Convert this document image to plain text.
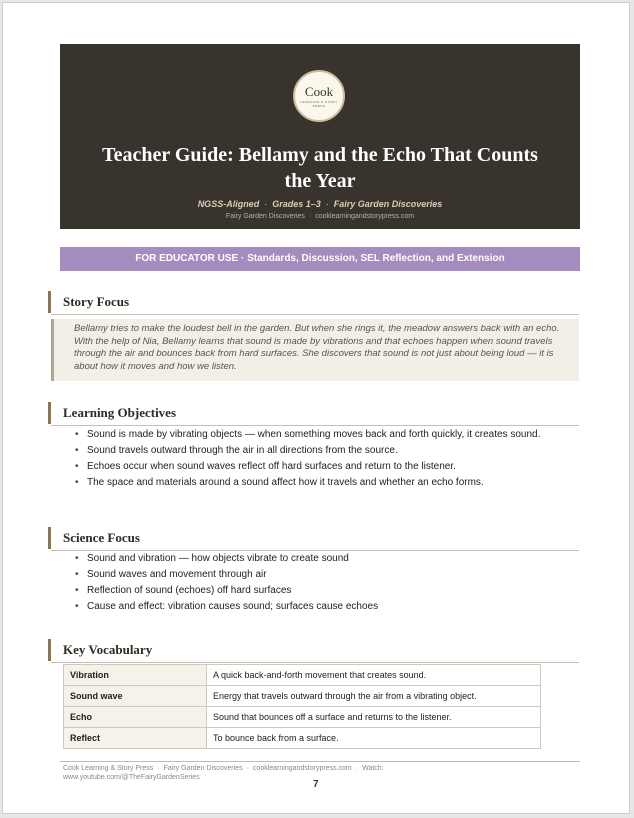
Cook
LEARNING & STORY PRESS
Teacher Guide: Bellamy and the Echo That Counts
the Year
NGSS-Aligned · Grades 1–3 · Fairy Garden Discoveries
Fairy Garden Discoveries · cooklearningandstorypress.com
FOR EDUCATOR USE · Standards, Discussion, SEL Reflection, and Extension
Story Focus
Bellamy tries to make the loudest bell in the garden. But when she rings it, the meadow answers back with an echo. With the help of Nia, Bellamy learns that sound is made by vibrations and that echoes happen when sound travels through the air and bounces back from hard surfaces. She discovers that sound is not just about being loud — it is about how it moves and how we listen.
Learning Objectives
• Sound is made by vibrating objects — when something moves back and forth quickly, it creates sound.
• Sound travels outward through the air in all directions from the source.
• Echoes occur when sound waves reflect off hard surfaces and return to the listener.
• The space and materials around a sound affect how it travels and whether an echo forms.
Science Focus
• Sound and vibration — how objects vibrate to create sound
• Sound waves and movement through air
• Reflection of sound (echoes) off hard surfaces
• Cause and effect: vibration causes sound; surfaces cause echoes
Key Vocabulary
Vibration	A quick back-and-forth movement that creates sound.
Sound wave	Energy that travels outward through the air from a vibrating object.
Echo	Sound that bounces off a surface and returns to the listener.
Reflect	To bounce back from a surface.
Cook Learning & Story Press · Fairy Garden Discoveries · cooklearningandstorypress.com · Watch:
www.youtube.com/@TheFairyGardenSeries
7
